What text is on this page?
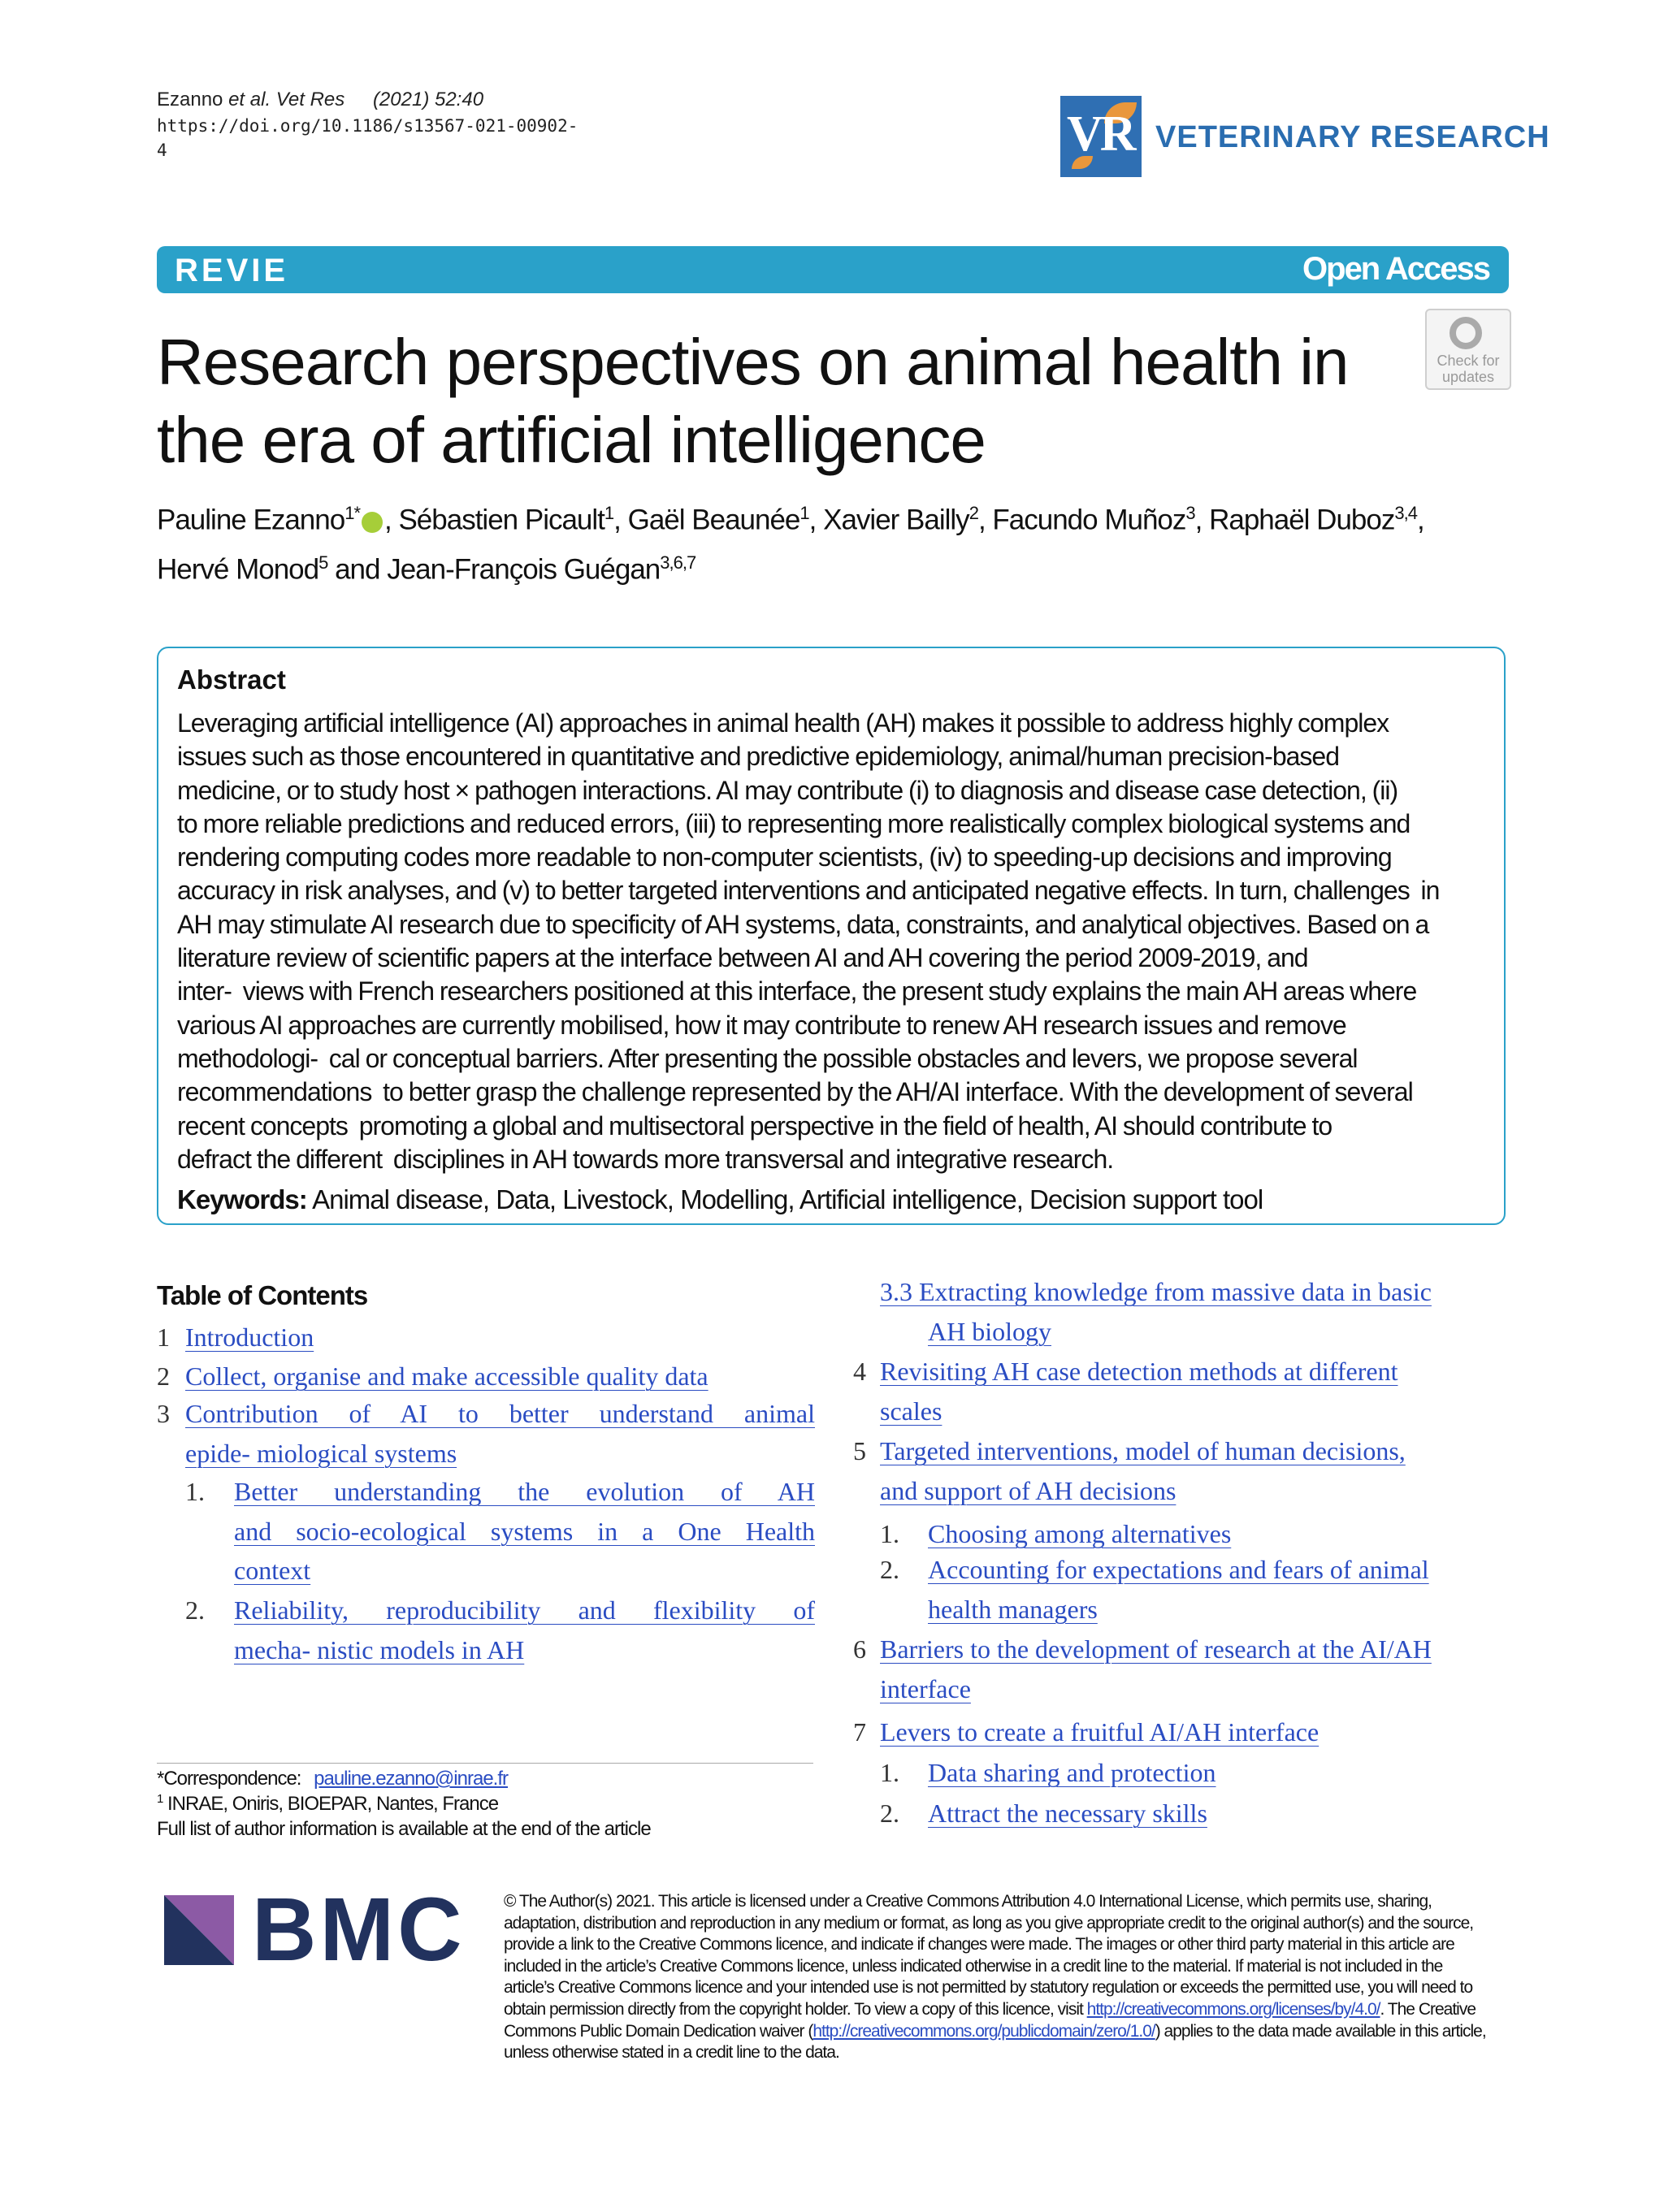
Ezanno et al. Vet Res (2021) 52:40
https://doi.org/10.1186/s13567-021-00902-4	VR VETERINARY RESEARCH
REVIE	Open Access
Research perspectives on animal health in the era of artificial intelligence
Check for updates
Pauline Ezanno$^{1*}$ , Sébastien Picault$^1$, Gaël Beaunée$^1$, Xavier Bailly$^2$, Facundo Muñoz$^3$, Raphaël Duboz$^{3,4}$,
Hervé Monod$^5$ and Jean-François Guégan$^{3,6,7}$
Abstract
Leveraging artificial intelligence (AI) approaches in animal health (AH) makes it possible to address highly complex
issues such as those encountered in quantitative and predictive epidemiology, animal/human precision-based
medicine, or to study host × pathogen interactions. AI may contribute (i) to diagnosis and disease case detection, (ii)
to more reliable predictions and reduced errors, (iii) to representing more realistically complex biological systems and
rendering computing codes more readable to non-computer scientists, (iv) to speeding-up decisions and improving
accuracy in risk analyses, and (v) to better targeted interventions and anticipated negative effects. In turn, challenges  in
AH may stimulate AI research due to specificity of AH systems, data, constraints, and analytical objectives. Based on a
literature review of scientific papers at the interface between AI and AH covering the period 2009-2019, and
inter-  views with French researchers positioned at this interface, the present study explains the main AH areas where
various AI approaches are currently mobilised, how it may contribute to renew AH research issues and remove
methodologi-  cal or conceptual barriers. After presenting the possible obstacles and levers, we propose several
recommendations  to better grasp the challenge represented by the AH/AI interface. With the development of several
recent concepts  promoting a global and multisectoral perspective in the field of health, AI should contribute to
defract the different  disciplines in AH towards more transversal and integrative research.
Keywords: Animal disease, Data, Livestock, Modelling, Artificial intelligence, Decision support tool
Table of Contents
1 Introduction
2 Collect, organise and make accessible quality data
3 Contribution of AI to better understand animal
epide- miological systems
1. Better understanding the evolution of AH
and socio-ecological systems in a One Health
context
2. Reliability, reproducibility and flexibility of
mecha- nistic models in AH
3.3 Extracting knowledge from massive data in basic
AH biology
4 Revisiting AH case detection methods at different
scales
5 Targeted interventions, model of human decisions,
and support of AH decisions
1. Choosing among alternatives
2. Accounting for expectations and fears of animal
health managers
6 Barriers to the development of research at the AI/AH
interface
7 Levers to create a fruitful AI/AH interface
1. Data sharing and protection
2. Attract the necessary skills
*Correspondence: pauline.ezanno@inrae.fr
$^1$ INRAE, Oniris, BIOEPAR, Nantes, France
Full list of author information is available at the end of the article
BMC © The Author(s) 2021. This article is licensed under a Creative Commons Attribution 4.0 International License, which permits use, sharing, adaptation, distribution and reproduction in any medium or format, as long as you give appropriate credit to the original author(s) and the source, provide a link to the Creative Commons licence, and indicate if changes were made. The images or other third party material in this article are included in the article’s Creative Commons licence, unless indicated otherwise in a credit line to the material. If material is not included in the article’s Creative Commons licence and your intended use is not permitted by statutory regulation or exceeds the permitted use, you will need to obtain permission directly from the copyright holder. To view a copy of this licence, visit http://creativecommons.org/licenses/by/4.0/. The Creative Commons Public Domain Dedication waiver (http://creativecommons.org/publicdomain/zero/1.0/) applies to the data made available in this article, unless otherwise stated in a credit line to the data.
